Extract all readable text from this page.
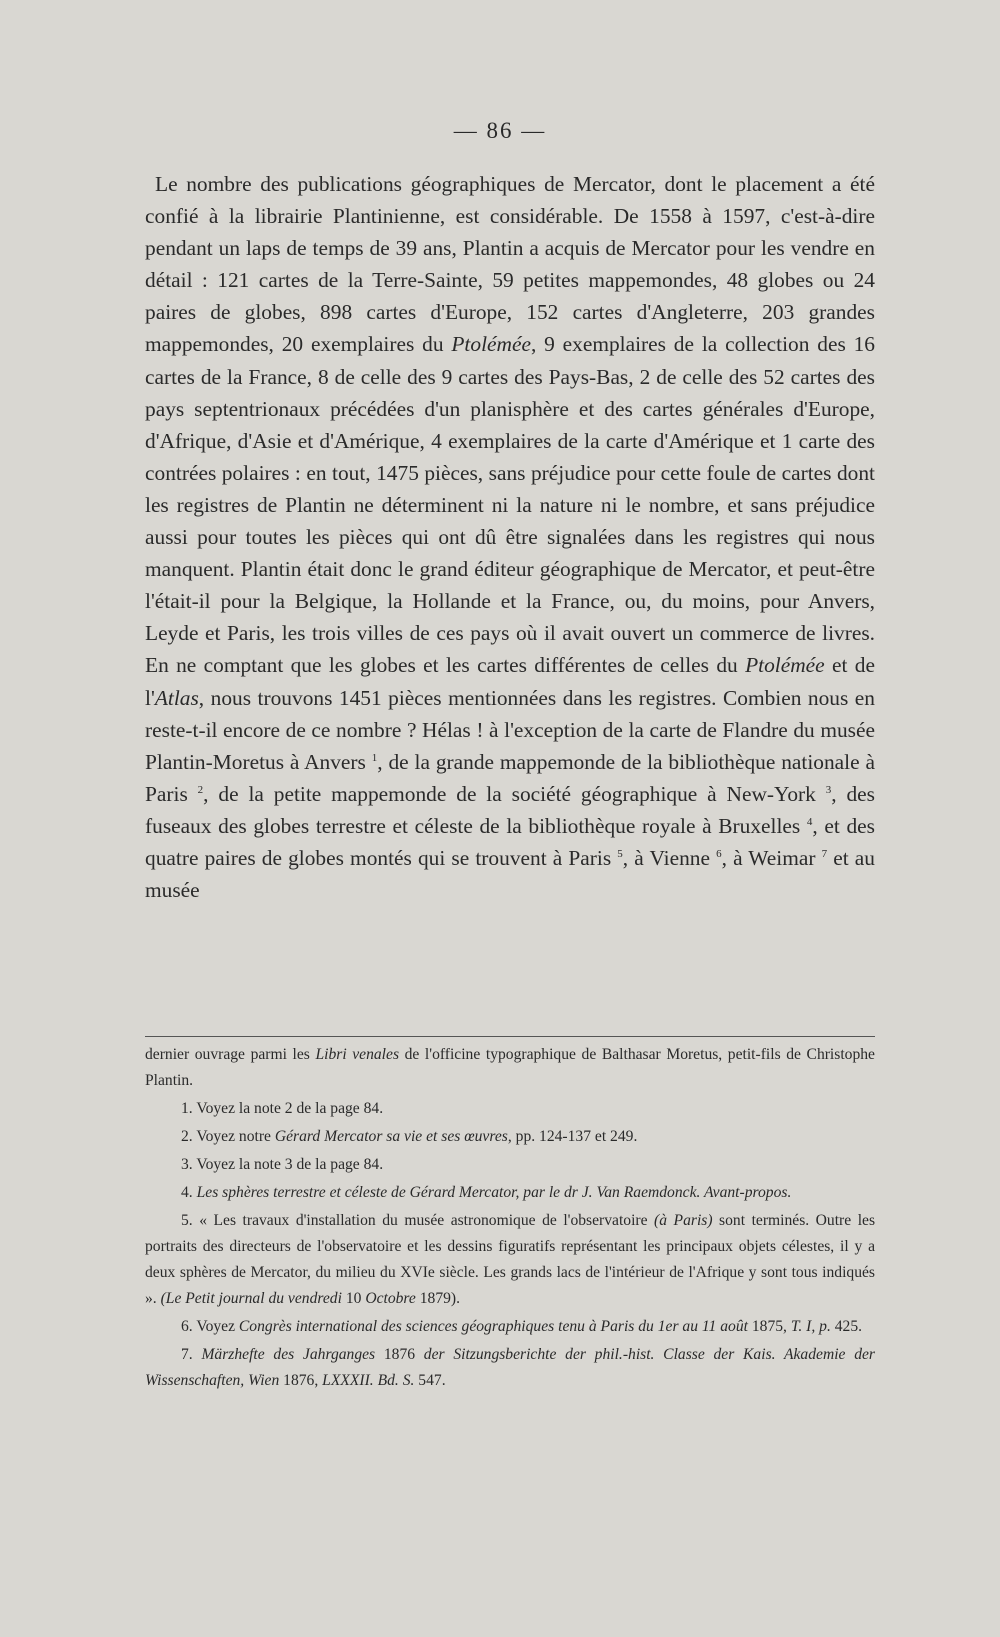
— 86 —

Le nombre des publications géographiques de Mercator, dont le placement a été confié à la librairie Plantinienne, est considérable. De 1558 à 1597, c'est-à-dire pendant un laps de temps de 39 ans, Plantin a acquis de Mercator pour les vendre en détail : 121 cartes de la Terre-Sainte, 59 petites mappemondes, 48 globes ou 24 paires de globes, 898 cartes d'Europe, 152 cartes d'Angleterre, 203 grandes mappemondes, 20 exemplaires du Ptolémée, 9 exemplaires de la collection des 16 cartes de la France, 8 de celle des 9 cartes des Pays-Bas, 2 de celle des 52 cartes des pays septentrionaux précédées d'un planisphère et des cartes générales d'Europe, d'Afrique, d'Asie et d'Amérique, 4 exemplaires de la carte d'Amérique et 1 carte des contrées polaires : en tout, 1475 pièces, sans préjudice pour cette foule de cartes dont les registres de Plantin ne déterminent ni la nature ni le nombre, et sans préjudice aussi pour toutes les pièces qui ont dû être signalées dans les registres qui nous manquent. Plantin était donc le grand éditeur géographique de Mercator, et peut-être l'était-il pour la Belgique, la Hollande et la France, ou, du moins, pour Anvers, Leyde et Paris, les trois villes de ces pays où il avait ouvert un commerce de livres. En ne comptant que les globes et les cartes différentes de celles du Ptolémée et de l'Atlas, nous trouvons 1451 pièces mentionnées dans les registres. Combien nous en reste-t-il encore de ce nombre ? Hélas ! à l'exception de la carte de Flandre du musée Plantin-Moretus à Anvers $^1$, de la grande mappemonde de la bibliothèque nationale à Paris $^2$, de la petite mappemonde de la société géographique à New-York $^3$, des fuseaux des globes terrestre et céleste de la bibliothèque royale à Bruxelles $^4$, et des quatre paires de globes montés qui se trouvent à Paris $^5$, à Vienne $^6$, à Weimar $^7$ et au musée

dernier ouvrage parmi les Libri venales de l'officine typographique de Balthasar Moretus, petit-fils de Christophe Plantin.

1. Voyez la note 2 de la page 84.

2. Voyez notre Gérard Mercator sa vie et ses œuvres, pp. 124-137 et 249.

3. Voyez la note 3 de la page 84.

4. Les sphères terrestre et céleste de Gérard Mercator, par le dr J. Van Raemdonck. Avant-propos.

5. « Les travaux d'installation du musée astronomique de l'observatoire (à Paris) sont terminés. Outre les portraits des directeurs de l'observatoire et les dessins figuratifs représentant les principaux objets célestes, il y a deux sphères de Mercator, du milieu du XVIe siècle. Les grands lacs de l'intérieur de l'Afrique y sont tous indiqués ». (Le Petit journal du vendredi 10 Octobre 1879).

6. Voyez Congrès international des sciences géographiques tenu à Paris du 1er au 11 août 1875, T. I, p. 425.

7. Märzhefte des Jahrganges 1876 der Sitzungsberichte der phil.-hist. Classe der Kais. Akademie der Wissenschaften, Wien 1876, LXXXII. Bd. S. 547.
